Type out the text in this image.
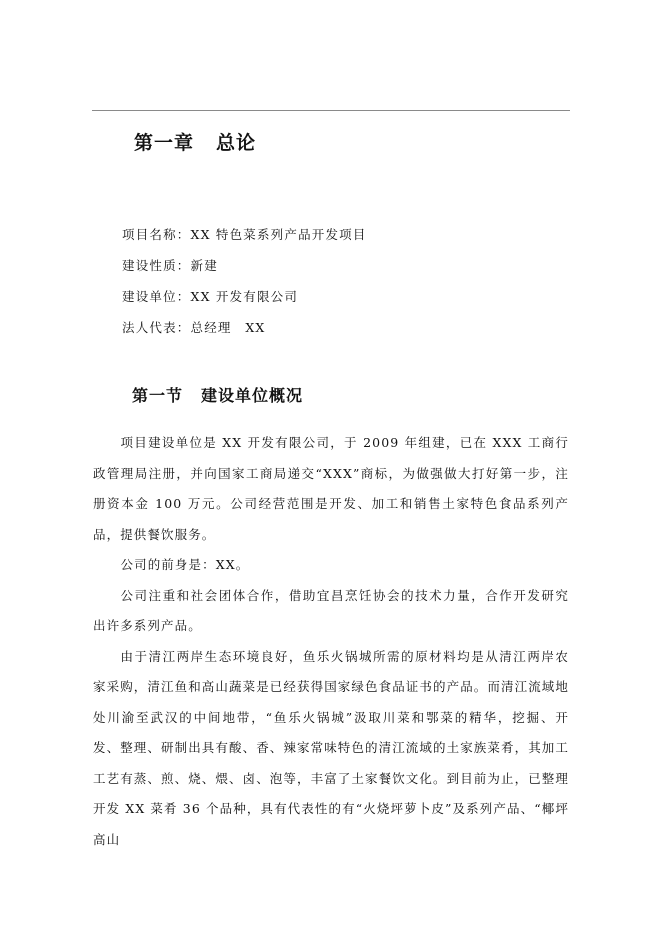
第一章 总论
项目名称：XX 特色菜系列产品开发项目
建设性质：新建
建设单位：XX 开发有限公司
法人代表：总经理　XX
第一节 建设单位概况

项目建设单位是 XX 开发有限公司，于 2009 年组建，已在 XXX 工商行政管理局注册，并向国家工商局递交“XXX”商标，为做强做大打好第一步，注册资本金 100 万元。公司经营范围是开发、加工和销售土家特色食品系列产品，提供餐饮服务。

公司的前身是：XX。

公司注重和社会团体合作，借助宜昌烹饪协会的技术力量，合作开发研究出许多系列产品。

由于清江两岸生态环境良好，鱼乐火锅城所需的原材料均是从清江两岸农家采购，清江鱼和高山蔬菜是已经获得国家绿色食品证书的产品。而清江流域地处川渝至武汉的中间地带，“鱼乐火锅城”汲取川菜和鄂菜的精华，挖掘、开发、整理、研制出具有酸、香、辣家常味特色的清江流域的土家族菜肴，其加工工艺有蒸、煎、烧、煨、卤、泡等，丰富了土家餐饮文化。到目前为止，已整理开发 XX 菜肴 36 个品种，具有代表性的有“火烧坪萝卜皮”及系列产品、“椰坪高山
